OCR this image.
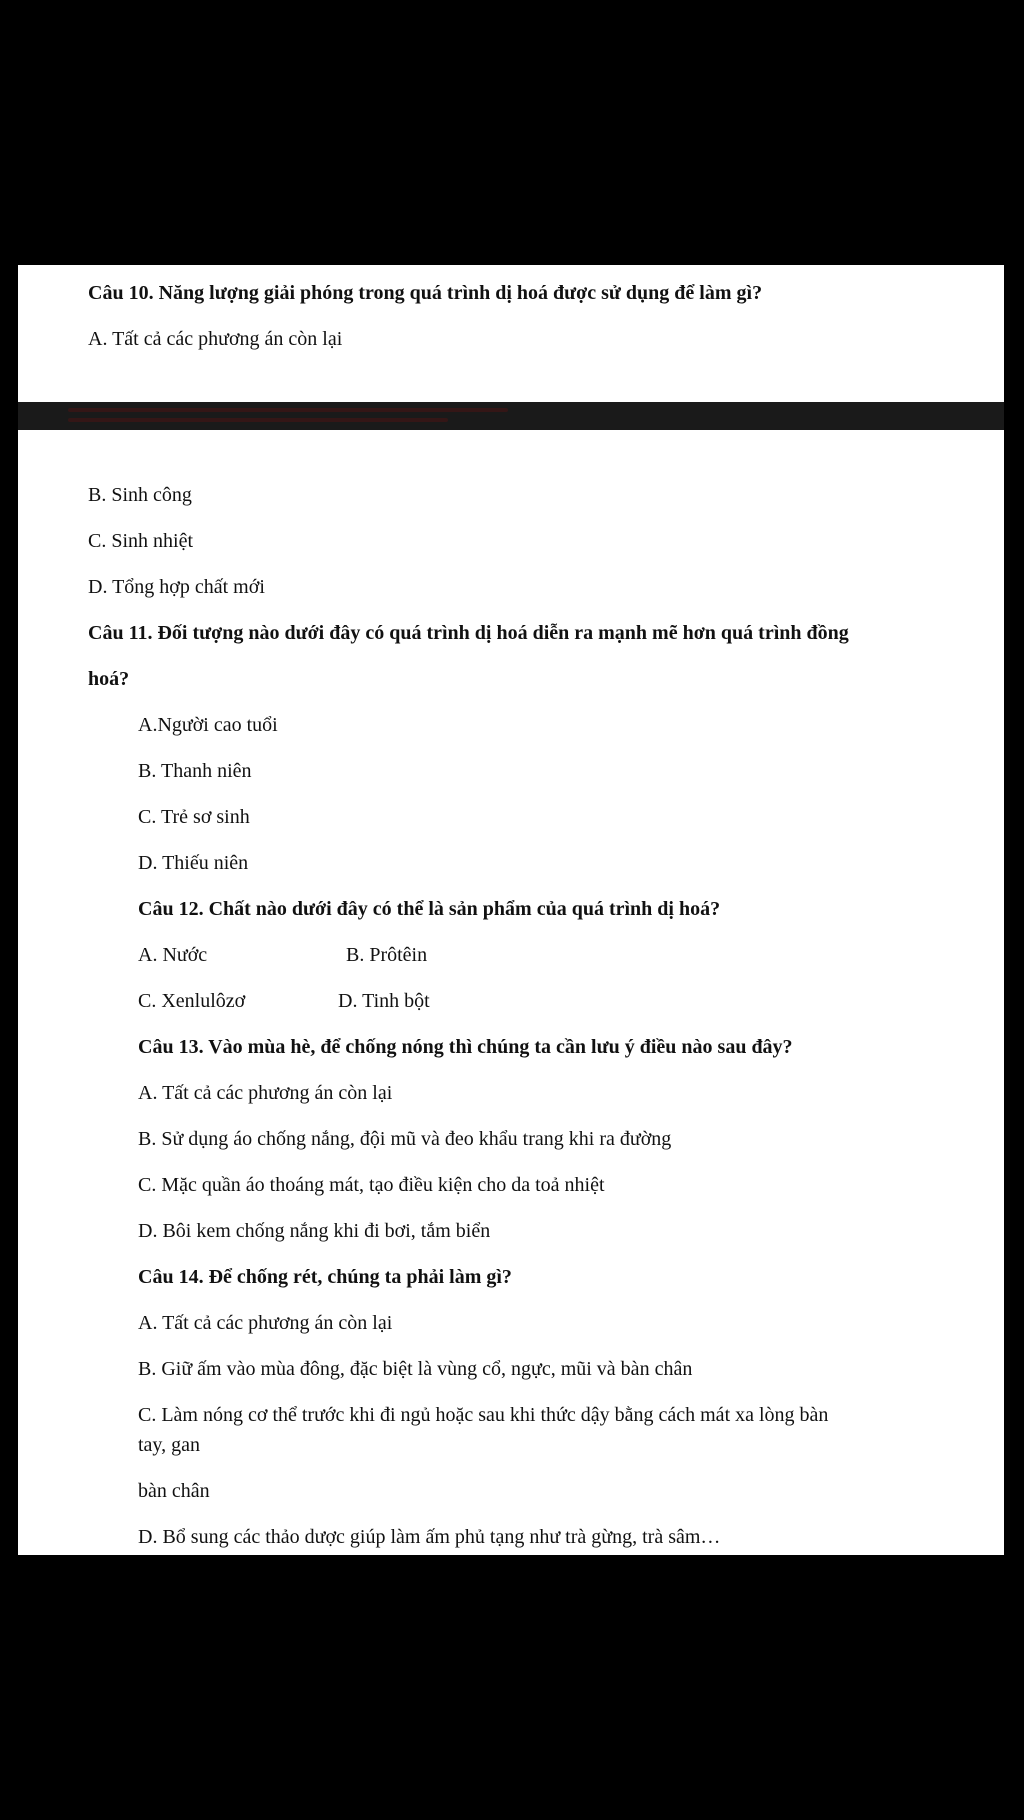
Câu 10. Năng lượng giải phóng trong quá trình dị hoá được sử dụng để làm gì?
A. Tất cả các phương án còn lại
B. Sinh công
C. Sinh nhiệt
D. Tổng hợp chất mới
Câu 11. Đối tượng nào dưới đây có quá trình dị hoá diễn ra mạnh mẽ hơn quá trình đồng
hoá?
A.Người cao tuổi
B. Thanh niên
C. Trẻ sơ sinh
D. Thiếu niên
Câu 12. Chất nào dưới đây có thể là sản phẩm của quá trình dị hoá?
A. Nước	B. Prôtêin
C. Xenlulôzơ	D. Tinh bột
Câu 13. Vào mùa hè, để chống nóng thì chúng ta cần lưu ý điều nào sau đây?
A. Tất cả các phương án còn lại
B. Sử dụng áo chống nắng, đội mũ và đeo khẩu trang khi ra đường
C. Mặc quần áo thoáng mát, tạo điều kiện cho da toả nhiệt
D. Bôi kem chống nắng khi đi bơi, tắm biển
Câu 14. Để chống rét, chúng ta phải làm gì?
A. Tất cả các phương án còn lại
B. Giữ ấm vào mùa đông, đặc biệt là vùng cổ, ngực, mũi và bàn chân
C. Làm nóng cơ thể trước khi đi ngủ hoặc sau khi thức dậy bằng cách mát xa lòng bàn
tay, gan
bàn chân
D. Bổ sung các thảo dược giúp làm ấm phủ tạng như trà gừng, trà sâm…
